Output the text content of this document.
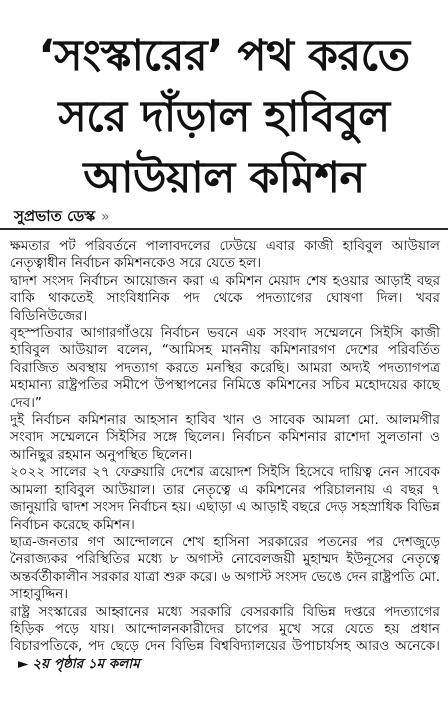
‘সংস্কারের’ পথ করতে
সরে দাঁড়াল হাবিবুল
আউয়াল কমিশন
সুপ্রভাত ডেস্ক »

ক্ষমতার পট পরিবর্তনে পালাবদলের ঢেউয়ে এবার কাজী হাবিবুল আউয়াল নেতৃত্বাধীন নির্বাচন কমিশনকেও সরে যেতে হল।

দ্বাদশ সংসদ নির্বাচন আয়োজন করা এ কমিশন মেয়াদ শেষ হওয়ার আড়াই বছর বাকি থাকতেই সাংবিধানিক পদ থেকে পদত্যাগের ঘোষণা দিল। খবর বিডিনিউজের।

বৃহস্পতিবার আগারগাঁওয়ে নির্বাচন ভবনে এক সংবাদ সম্মেলনে সিইসি কাজী হাবিবুল আউয়াল বলেন, “আমিসহ মাননীয় কমিশনারগণ দেশের পরিবর্তিত বিরাজিত অবস্থায় পদত্যাগ করতে মনস্থির করেছি। আমরা অদ্যই পদত্যাগপত্র মহামান্য রাষ্ট্রপতির সমীপে উপস্থাপনের নিমিত্তে কমিশনের সচিব মহোদয়ের কাছে দেব।”

দুই নির্বাচন কমিশনার আহসান হাবিব খান ও সাবেক আমলা মো. আলমগীর সংবাদ সম্মেলনে সিইসির সঙ্গে ছিলেন। নির্বাচন কমিশনার রাশেদা সুলতানা ও আনিছুর রহমান অনুপস্থিত ছিলেন।

২০২২ সালের ২৭ ফেব্রুয়ারি দেশের ত্রয়োদশ সিইসি হিসেবে দায়িত্ব নেন সাবেক আমলা হাবিবুল আউয়াল। তার নেতৃত্বে এ কমিশনের পরিচালনায় এ বছর ৭ জানুয়ারি দ্বাদশ সংসদ নির্বাচন হয়। এছাড়া এ আড়াই বছরে দেড় সহস্রাধিক বিভিন্ন নির্বাচন করেছে কমিশন।

ছাত্র-জনতার গণ আন্দোলনে শেখ হাসিনা সরকারের পতনের পর দেশজুড়ে নৈরাজ্যকর পরিস্থিতির মধ্যে ৮ অগাস্ট নোবেলজয়ী মুহাম্মদ ইউনূসের নেতৃত্বে অন্তর্বর্তীকালীন সরকার যাত্রা শুরু করে। ৬ অগাস্ট সংসদ ভেঙে দেন রাষ্ট্রপতি মো. সাহাবুদ্দিন।

রাষ্ট্র সংস্কারের আহ্বানের মধ্যে সরকারি বেসরকারি বিভিন্ন দপ্তরে পদত্যাগের হিড়িক পড়ে যায়। আন্দোলনকারীদের চাপের মুখে সরে যেতে হয় প্রধান বিচারপতিকে, পদ ছেড়ে দেন বিভিন্ন বিশ্ববিদ্যালয়ের উপাচার্যসহ আরও অনেকে।► ২য় পৃষ্ঠার ১ম কলাম
